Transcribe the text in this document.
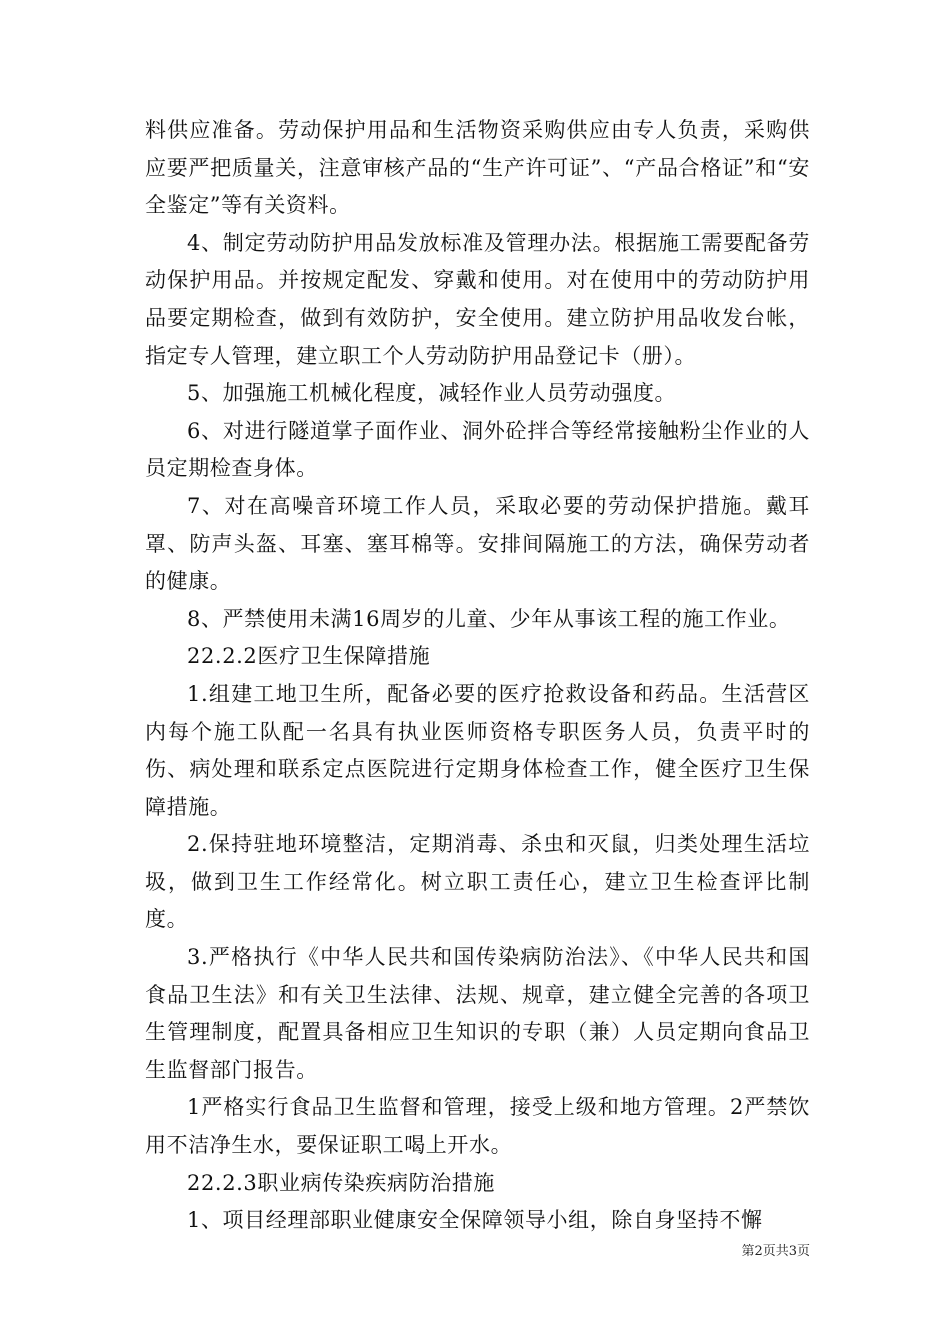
料供应准备。劳动保护用品和生活物资采购供应由专人负责，采购供应要严把质量关，注意审核产品的“生产许可证”、“产品合格证”和“安全鉴定”等有关资料。

4、制定劳动防护用品发放标准及管理办法。根据施工需要配备劳动保护用品。并按规定配发、穿戴和使用。对在使用中的劳动防护用品要定期检查，做到有效防护，安全使用。建立防护用品收发台帐，指定专人管理，建立职工个人劳动防护用品登记卡（册）。

5、加强施工机械化程度，减轻作业人员劳动强度。

6、对进行隧道掌子面作业、洞外砼拌合等经常接触粉尘作业的人员定期检查身体。

7、对在高噪音环境工作人员，采取必要的劳动保护措施。戴耳罩、防声头盔、耳塞、塞耳棉等。安排间隔施工的方法，确保劳动者的健康。

8、严禁使用未满16周岁的儿童、少年从事该工程的施工作业。

22.2.2医疗卫生保障措施

1.组建工地卫生所，配备必要的医疗抢救设备和药品。生活营区内每个施工队配一名具有执业医师资格专职医务人员，负责平时的伤、病处理和联系定点医院进行定期身体检查工作，健全医疗卫生保障措施。

2.保持驻地环境整洁，定期消毒、杀虫和灭鼠，归类处理生活垃圾，做到卫生工作经常化。树立职工责任心，建立卫生检查评比制度。

3.严格执行《中华人民共和国传染病防治法》、《中华人民共和国食品卫生法》和有关卫生法律、法规、规章，建立健全完善的各项卫生管理制度，配置具备相应卫生知识的专职（兼）人员定期向食品卫生监督部门报告。

1严格实行食品卫生监督和管理，接受上级和地方管理。2严禁饮用不洁净生水，要保证职工喝上开水。

22.2.3职业病传染疾病防治措施

1、项目经理部职业健康安全保障领导小组，除自身坚持不懈

第2页共3页
